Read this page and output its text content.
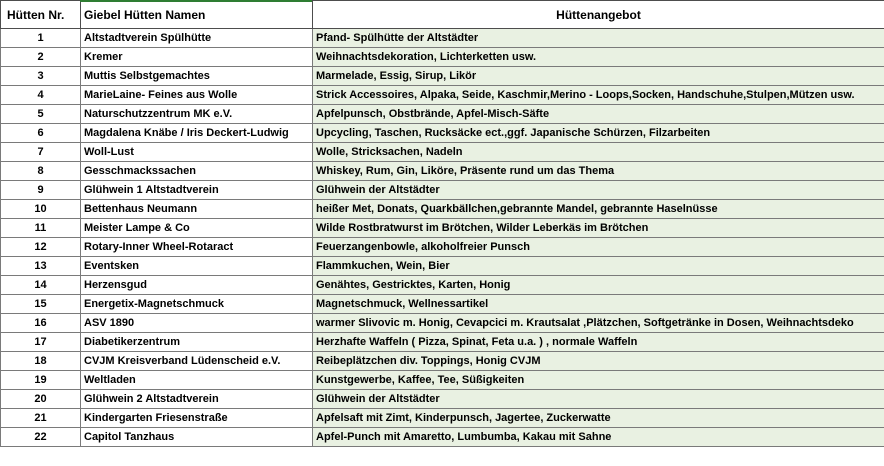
Hütten Nr.	Giebel Hütten Namen	Hüttenangebot
1	Altstadtverein Spülhütte	Pfand- Spülhütte der Altstädter
2	Kremer	Weihnachtsdekoration, Lichterketten usw.
3	Muttis Selbstgemachtes	Marmelade, Essig, Sirup, Likör
4	MarieLaine- Feines aus Wolle	Strick Accessoires, Alpaka, Seide, Kaschmir,Merino - Loops,Socken, Handschuhe,Stulpen,Mützen usw.
5	Naturschutzzentrum MK e.V.	Apfelpunsch, Obstbrände, Apfel-Misch-Säfte
6	Magdalena Knäbe / Iris Deckert-Ludwig	Upcycling, Taschen, Rucksäcke ect.,ggf. Japanische Schürzen, Filzarbeiten
7	Woll-Lust	Wolle, Stricksachen, Nadeln
8	Gesschmackssachen	Whiskey, Rum, Gin, Liköre, Präsente rund um das Thema
9	Glühwein 1 Altstadtverein	Glühwein der Altstädter
10	Bettenhaus Neumann	heißer Met, Donats, Quarkbällchen,gebrannte Mandel, gebrannte Haselnüsse
11	Meister Lampe & Co	Wilde Rostbratwurst im Brötchen, Wilder Leberkäs im Brötchen
12	Rotary-Inner Wheel-Rotaract	Feuerzangenbowle, alkoholfreier Punsch
13	Eventsken	Flammkuchen, Wein, Bier
14	Herzensgud	Genähtes, Gestricktes, Karten, Honig
15	Energetix-Magnetschmuck	Magnetschmuck, Wellnessartikel
16	ASV 1890	warmer Slivovic m. Honig, Cevapcici m. Krautsalat ,Plätzchen, Softgetränke in Dosen, Weihnachtsdeko
17	Diabetikerzentrum	Herzhafte Waffeln ( Pizza, Spinat, Feta u.a. ) , normale Waffeln
18	CVJM Kreisverband Lüdenscheid e.V.	Reibeplätzchen div. Toppings, Honig CVJM
19	Weltladen	Kunstgewerbe, Kaffee, Tee, Süßigkeiten
20	Glühwein 2 Altstadtverein	Glühwein der Altstädter
21	Kindergarten Friesenstraße	Apfelsaft mit Zimt, Kinderpunsch, Jagertee, Zuckerwatte
22	Capitol Tanzhaus	Apfel-Punch mit Amaretto, Lumbumba, Kakau mit Sahne
